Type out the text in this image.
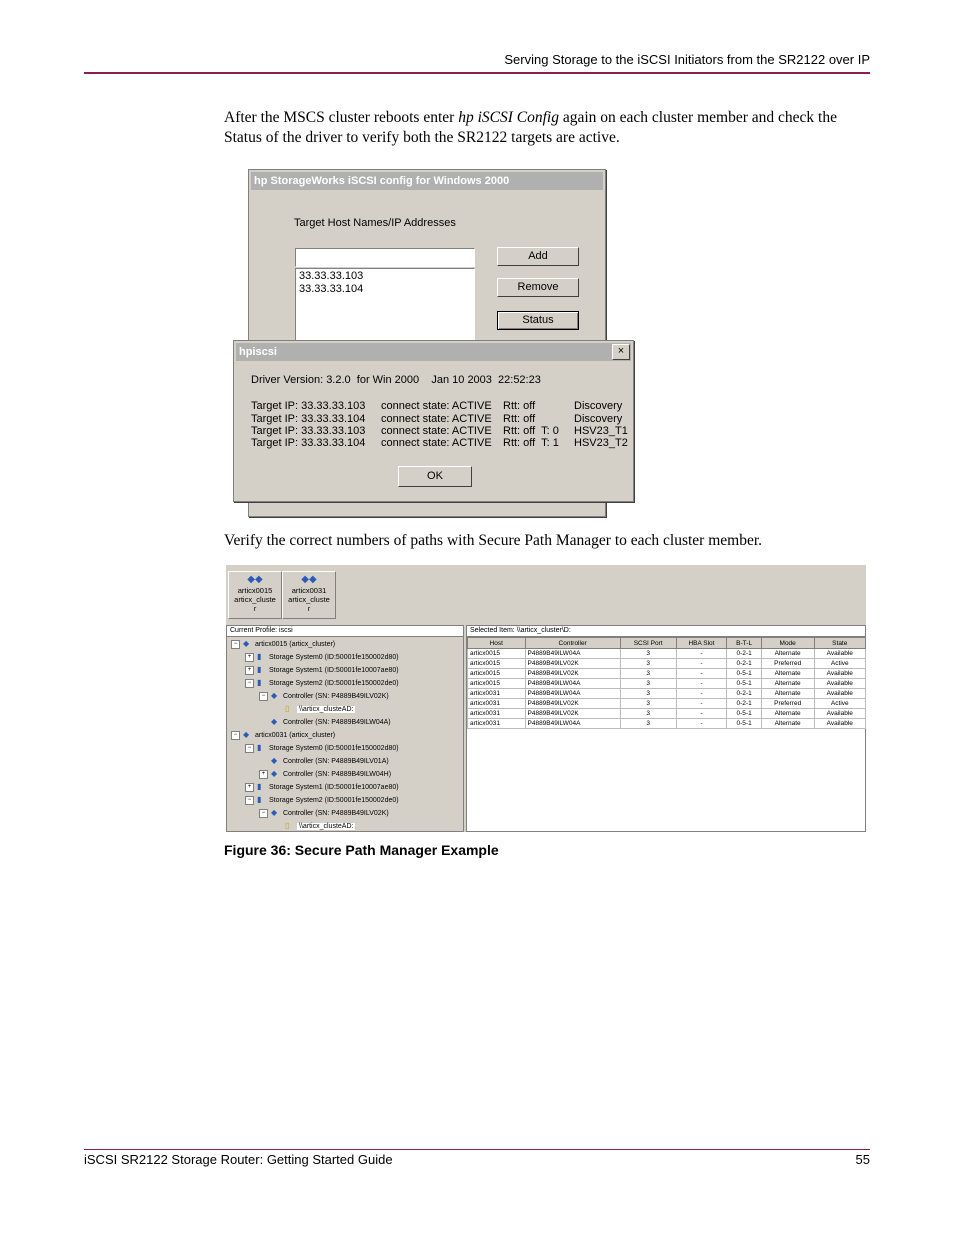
Serving Storage to the iSCSI Initiators from the SR2122 over IP
After the MSCS cluster reboots enter hp iSCSI Config again on each cluster member and check the Status of the driver to verify both the SR2122 targets are active.
hp StorageWorks iSCSI config for Windows 2000
Target Host Names/IP Addresses
33.33.33.103
33.33.33.104
Add
Remove
Status
hpiscsi	×
Driver Version: 3.2.0  for Win 2000    Jan 10 2003  22:52:23
Target IP: 33.33.33.103 connect state: ACTIVE Rtt: off	Discovery
Target IP: 33.33.33.104 connect state: ACTIVE Rtt: off	Discovery
Target IP: 33.33.33.103 connect state: ACTIVE Rtt: off  T: 0 HSV23_T1
Target IP: 33.33.33.104 connect state: ACTIVE Rtt: off  T: 1 HSV23_T2
OK
Verify the correct numbers of paths with Secure Path Manager to each cluster member.
◆◆
articx0015
articx_cluste
r
◆◆
articx0031
articx_cluste
r
Current Profile: iscsi
− ◆ articx0015 (articx_cluster)
+ ▮ Storage System0 (ID:50001fe150002d80)
+ ▮ Storage System1 (ID:50001fe10007ae80)
− ▮ Storage System2 (ID:50001fe150002de0)
− ◆ Controller (SN: P4889B49ILV02K)
▯ \\articx_clusteAD:
◆ Controller (SN: P4889B49ILW04A)
− ◆ articx0031 (articx_cluster)
− ▮ Storage System0 (ID:50001fe150002d80)
◆ Controller (SN: P4889B49ILV01A)
+ ◆ Controller (SN: P4889B49ILW04H)
+ ▮ Storage System1 (ID:50001fe10007ae80)
− ▮ Storage System2 (ID:50001fe150002de0)
− ◆ Controller (SN: P4889B49ILV02K)
▯ \\articx_clusteAD:
Selected Item: \\articx_cluster\D:
Host	Controller	SCSI Port	HBA Slot	B-T-L	Mode	State
articx0015	P4889B49ILW04A	3	-	0-2-1	Alternate	Available
articx0015	P4889B49ILV02K	3	-	0-2-1	Preferred	Active
articx0015	P4889B49ILV02K	3	-	0-5-1	Alternate	Available
articx0015	P4889B49ILW04A	3	-	0-5-1	Alternate	Available
articx0031	P4889B49ILW04A	3	-	0-2-1	Alternate	Available
articx0031	P4889B49ILV02K	3	-	0-2-1	Preferred	Active
articx0031	P4889B49ILV02K	3	-	0-5-1	Alternate	Available
articx0031	P4889B49ILW04A	3	-	0-5-1	Alternate	Available
Figure 36: Secure Path Manager Example
iSCSI SR2122 Storage Router: Getting Started Guide	55
